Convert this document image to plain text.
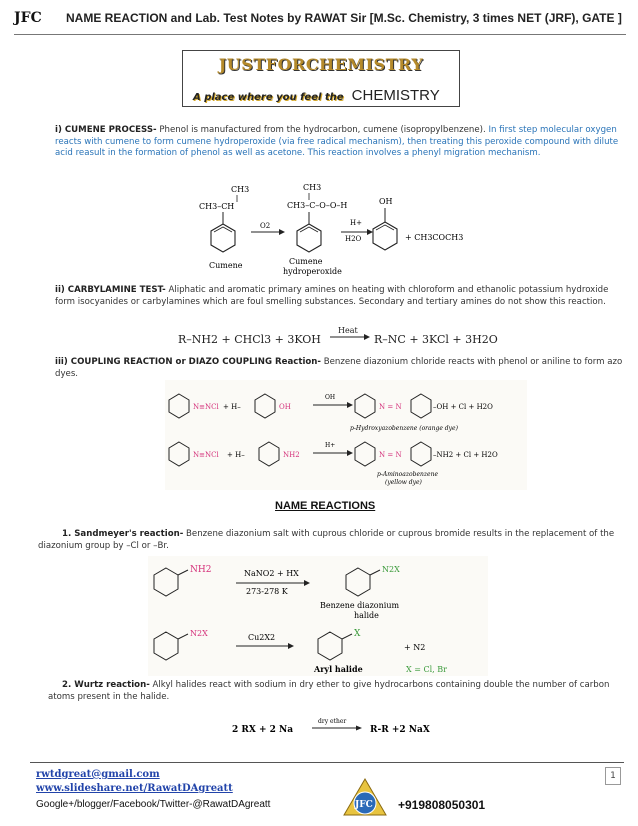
JFC NAME REACTION and Lab. Test Notes by RAWAT Sir [M.Sc. Chemistry, 3 times NET (JRF), GATE ]
JUSTFORCHEMISTRY
A place where you feel the CHEMISTRY
i) CUMENE PROCESS- Phenol is manufactured from the hydrocarbon, cumene (isopropylbenzene). In first step molecular oxygen reacts with cumene to form cumene hydroperoxide (via free radical mechanism), then treating this peroxide compound with dilute acid reasult in the formation of phenol as well as acetone. This reaction involves a phenyl migration mechanism.
CH3
CH3–CH
Cumene
O2
CH3
CH3–C–O–O–H
Cumene
hydroperoxide
H+
H2O
OH
+ CH3COCH3
ii) CARBYLAMINE TEST- Aliphatic and aromatic primary amines on heating with chloroform and ethanolic potassium hydroxide form isocyanides or carbylamines which are foul smelling substances. Secondary and tertiary amines do not show this reaction.
R–NH2 + CHCl3 + 3KOH
Heat
R–NC + 3KCl + 3H2O
iii) COUPLING REACTION or DIAZO COUPLING Reaction- Benzene diazonium chloride reacts with phenol or aniline to form azo dyes.
N≡NCl + H–	OH
OH
N = N	–OH + Cl + H2O
p-Hydroxyazobenzene (orange dye)
N≡NCl + H–	NH2
H+
N = N	–NH2 + Cl + H2O
p-Aminoazobenzene
(yellow dye)
NAME REACTIONS
1. Sandmeyer's reaction- Benzene diazonium salt with cuprous chloride or cuprous bromide results in the replacement of the diazonium group by –Cl or –Br.
NH2	NaNO2 + HX
273-278 K
N2X
Benzene diazonium
halide
N2X	Cu2X2	X
+ N2
Aryl halide	X = Cl, Br
2. Wurtz reaction- Alkyl halides react with sodium in dry ether to give hydrocarbons containing double the number of carbon atoms present in the halide.
2 RX + 2 Na
dry ether
R-R +2 NaX
rwtdgreat@gmail.com
www.slideshare.net/RawatDAgreatt
Google+/blogger/Facebook/Twitter-@RawatDAgreatt	JFC +919808050301
1
